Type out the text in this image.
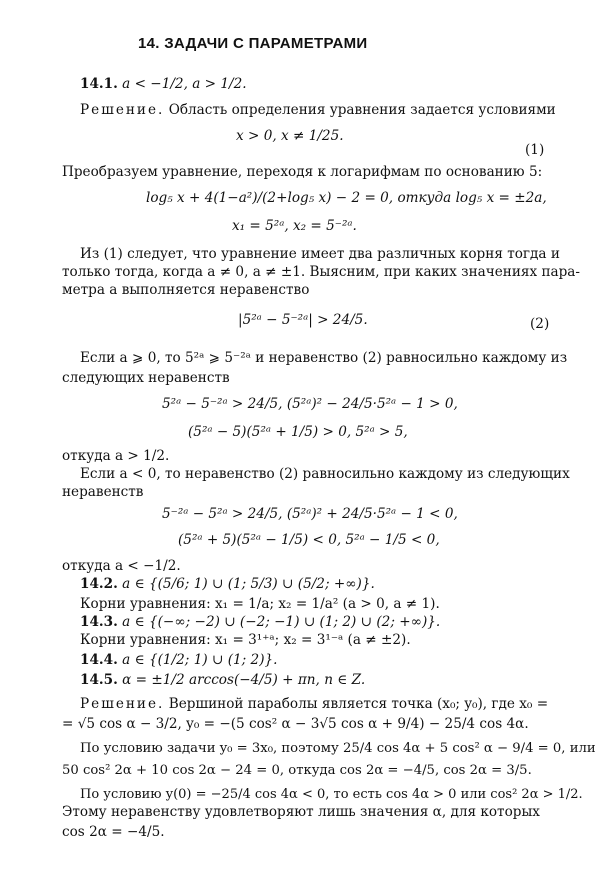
14. ЗАДАЧИ С ПАРАМЕТРАМИ
14.1. a < −1/2, a > 1/2.
Решение. Область определения уравнения задается условиями
x > 0, x ≠ 1/25.
(1)
Преобразуем уравнение, переходя к логарифмам по основанию 5:
log₅ x + 4(1−a²)/(2+log₅ x) − 2 = 0, откуда log₅ x = ±2a,
x₁ = 5²ᵃ, x₂ = 5⁻²ᵃ.
Из (1) следует, что уравнение имеет два различных корня тогда и
только тогда, когда a ≠ 0, a ≠ ±1. Выясним, при каких значениях пара-
метра a выполняется неравенство
|5²ᵃ − 5⁻²ᵃ| > 24/5.	(2)
Если a ⩾ 0, то 5²ᵃ ⩾ 5⁻²ᵃ и неравенство (2) равносильно каждому из
следующих неравенств
5²ᵃ − 5⁻²ᵃ > 24/5, (5²ᵃ)² − 24/5·5²ᵃ − 1 > 0,
(5²ᵃ − 5)(5²ᵃ + 1/5) > 0, 5²ᵃ > 5,
откуда a > 1/2.
Если a < 0, то неравенство (2) равносильно каждому из следующих
неравенств
5⁻²ᵃ − 5²ᵃ > 24/5, (5²ᵃ)² + 24/5·5²ᵃ − 1 < 0,
(5²ᵃ + 5)(5²ᵃ − 1/5) < 0, 5²ᵃ − 1/5 < 0,
откуда a < −1/2.
14.2. a ∈ {(5/6; 1) ∪ (1; 5/3) ∪ (5/2; +∞)}.
Корни уравнения: x₁ = 1/a; x₂ = 1/a² (a > 0, a ≠ 1).
14.3. a ∈ {(−∞; −2) ∪ (−2; −1) ∪ (1; 2) ∪ (2; +∞)}.
Корни уравнения: x₁ = 3¹⁺ᵃ; x₂ = 3¹⁻ᵃ (a ≠ ±2).
14.4. a ∈ {(1/2; 1) ∪ (1; 2)}.
14.5. α = ±1/2 arccos(−4/5) + πn, n ∈ Z.
Решение. Вершиной параболы является точка (x₀; y₀), где x₀ =
= √5 cos α − 3/2, y₀ = −(5 cos² α − 3√5 cos α + 9/4) − 25/4 cos 4α.
По условию задачи y₀ = 3x₀, поэтому 25/4 cos 4α + 5 cos² α − 9/4 = 0, или
50 cos² 2α + 10 cos 2α − 24 = 0, откуда cos 2α = −4/5, cos 2α = 3/5.
По условию y(0) = −25/4 cos 4α < 0, то есть cos 4α > 0 или cos² 2α > 1/2.
Этому неравенству удовлетворяют лишь значения α, для которых
cos 2α = −4/5.
